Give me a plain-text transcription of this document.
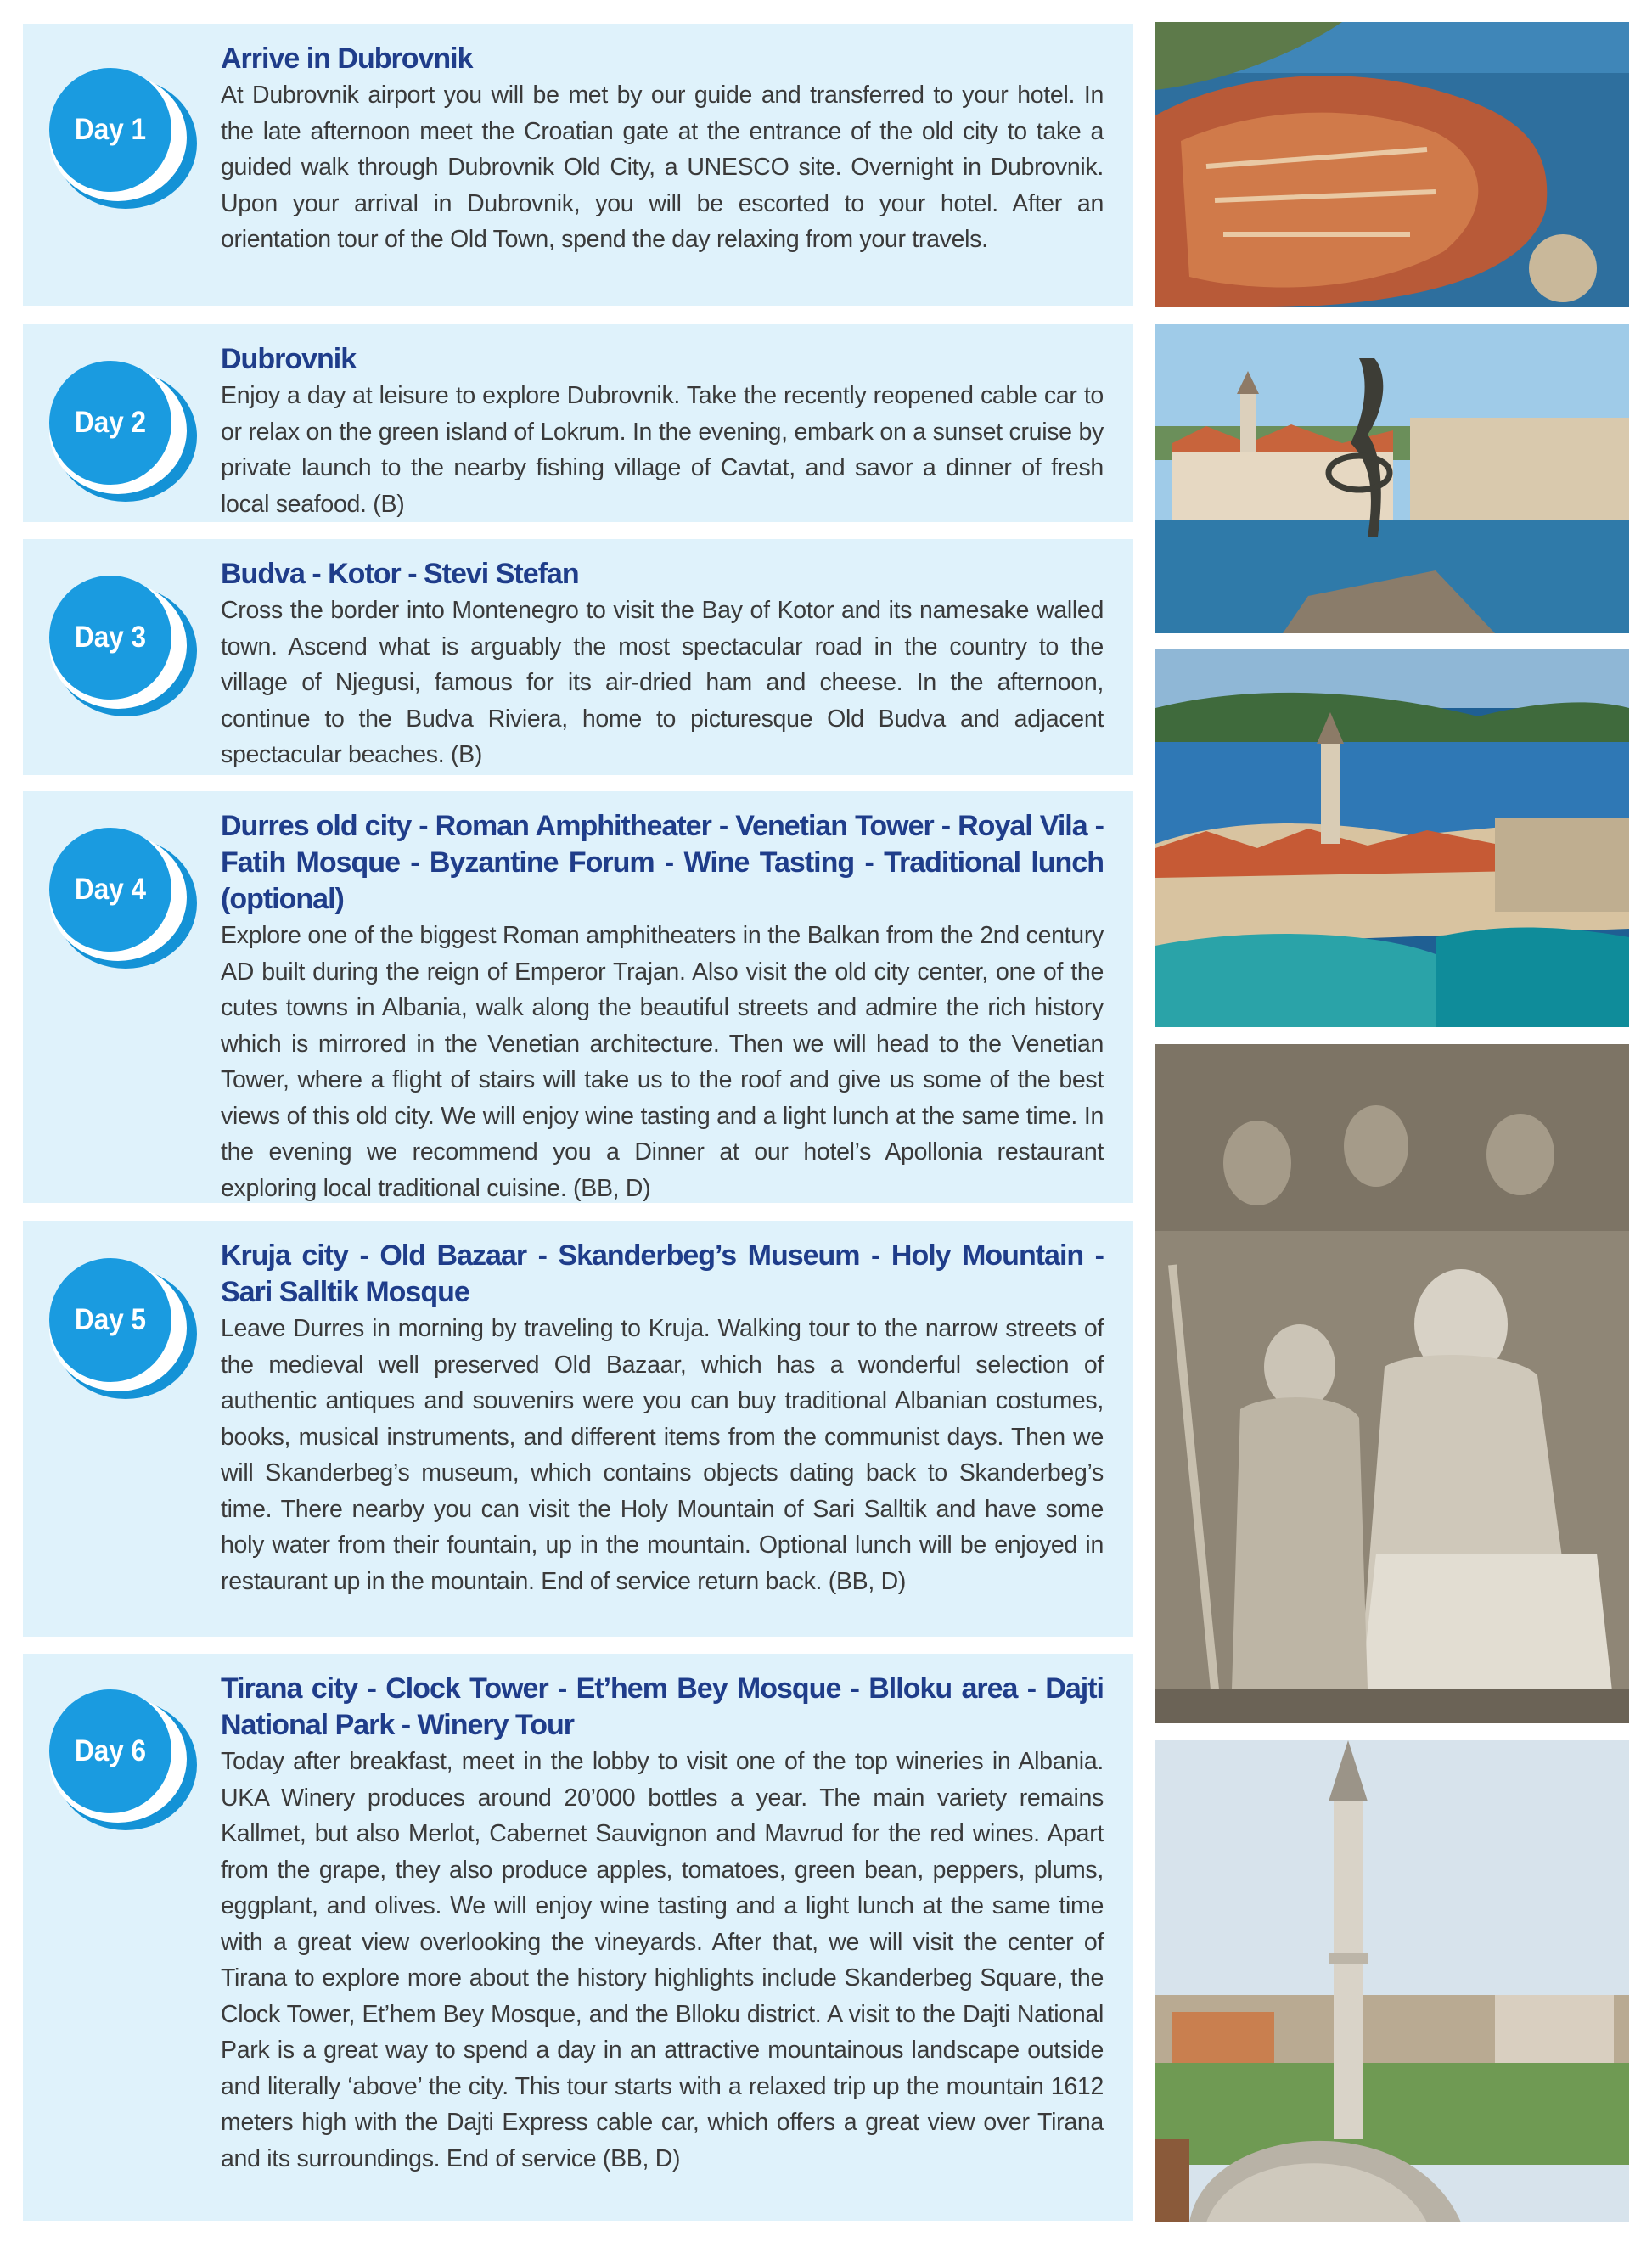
Arrive in Dubrovnik

At Dubrovnik airport you will be met by our guide and transferred to your hotel. In the late afternoon meet the Croatian gate at the entrance of the old city to take a guided walk through Dubrovnik Old City, a UNESCO site. Overnight in Dubrovnik. Upon your arrival in Dubrovnik, you will be escorted to your hotel. After an orientation tour of the Old Town, spend the day relaxing from your travels.

Day 1
Dubrovnik

Enjoy a day at leisure to explore Dubrovnik. Take the recently reopened cable car to or relax on the green island of Lokrum. In the evening, embark on a sunset cruise by private launch to the nearby fishing village of Cavtat, and savor a dinner of fresh local seafood. (B)

Day 2
Budva - Kotor - Stevi Stefan

Cross the border into Montenegro to visit the Bay of Kotor and its namesake walled town. Ascend what is arguably the most spectacular road in the country to the village of Njegusi, famous for its air-dried ham and cheese. In the afternoon, continue to the Budva Riviera, home to picturesque Old Budva and adjacent spectacular beaches. (B)

Day 3
Durres old city - Roman Amphitheater - Venetian Tower - Royal Vila - Fatih Mosque - Byzantine Forum - Wine Tasting - Traditional lunch (optional)

Explore one of the biggest Roman amphitheaters in the Balkan from the 2nd century AD built during the reign of Emperor Trajan. Also visit the old city center, one of the cutes towns in Albania, walk along the beautiful streets and admire the rich history which is mirrored in the Venetian architecture. Then we will head to the Venetian Tower, where a flight of stairs will take us to the roof and give us some of the best views of this old city. We will enjoy wine tasting and a light lunch at the same time. In the evening we recommend you a Dinner at our hotel’s Apollonia restaurant exploring local traditional cuisine. (BB, D)

Day 4
Kruja city - Old Bazaar - Skanderbeg’s Museum - Holy Mountain - Sari Salltik Mosque

Leave Durres in morning by traveling to Kruja. Walking tour to the narrow streets of the medieval well preserved Old Bazaar, which has a wonderful selection of authentic antiques and souvenirs were you can buy traditional Albanian costumes, books, musical instruments, and different items from the communist days. Then we will Skanderbeg’s museum, which contains objects dating back to Skanderbeg’s time. There nearby you can visit the Holy Mountain of Sari Salltik and have some holy water from their fountain, up in the mountain. Optional lunch will be enjoyed in restaurant up in the mountain. End of service return back. (BB, D)

Day 5
Tirana city - Clock Tower - Et’hem Bey Mosque - Blloku area - Dajti National Park - Winery Tour

Today after breakfast, meet in the lobby to visit one of the top wineries in Albania. UKA Winery produces around 20’000 bottles a year. The main variety remains Kallmet, but also Merlot, Cabernet Sauvignon and Mavrud for the red wines. Apart from the grape, they also produce apples, tomatoes, green bean, peppers, plums, eggplant, and olives. We will enjoy wine tasting and a light lunch at the same time with a great view overlooking the vineyards. After that, we will visit the center of Tirana to explore more about the history highlights include Skanderbeg Square, the Clock Tower, Et’hem Bey Mosque, and the Blloku district. A visit to the Dajti National Park is a great way to spend a day in an attractive mountainous landscape outside and literally ‘above’ the city. This tour starts with a relaxed trip up the mountain 1612 meters high with the Dajti Express cable car, which offers a great view over Tirana and its surroundings. End of service (BB, D)

Day 6
